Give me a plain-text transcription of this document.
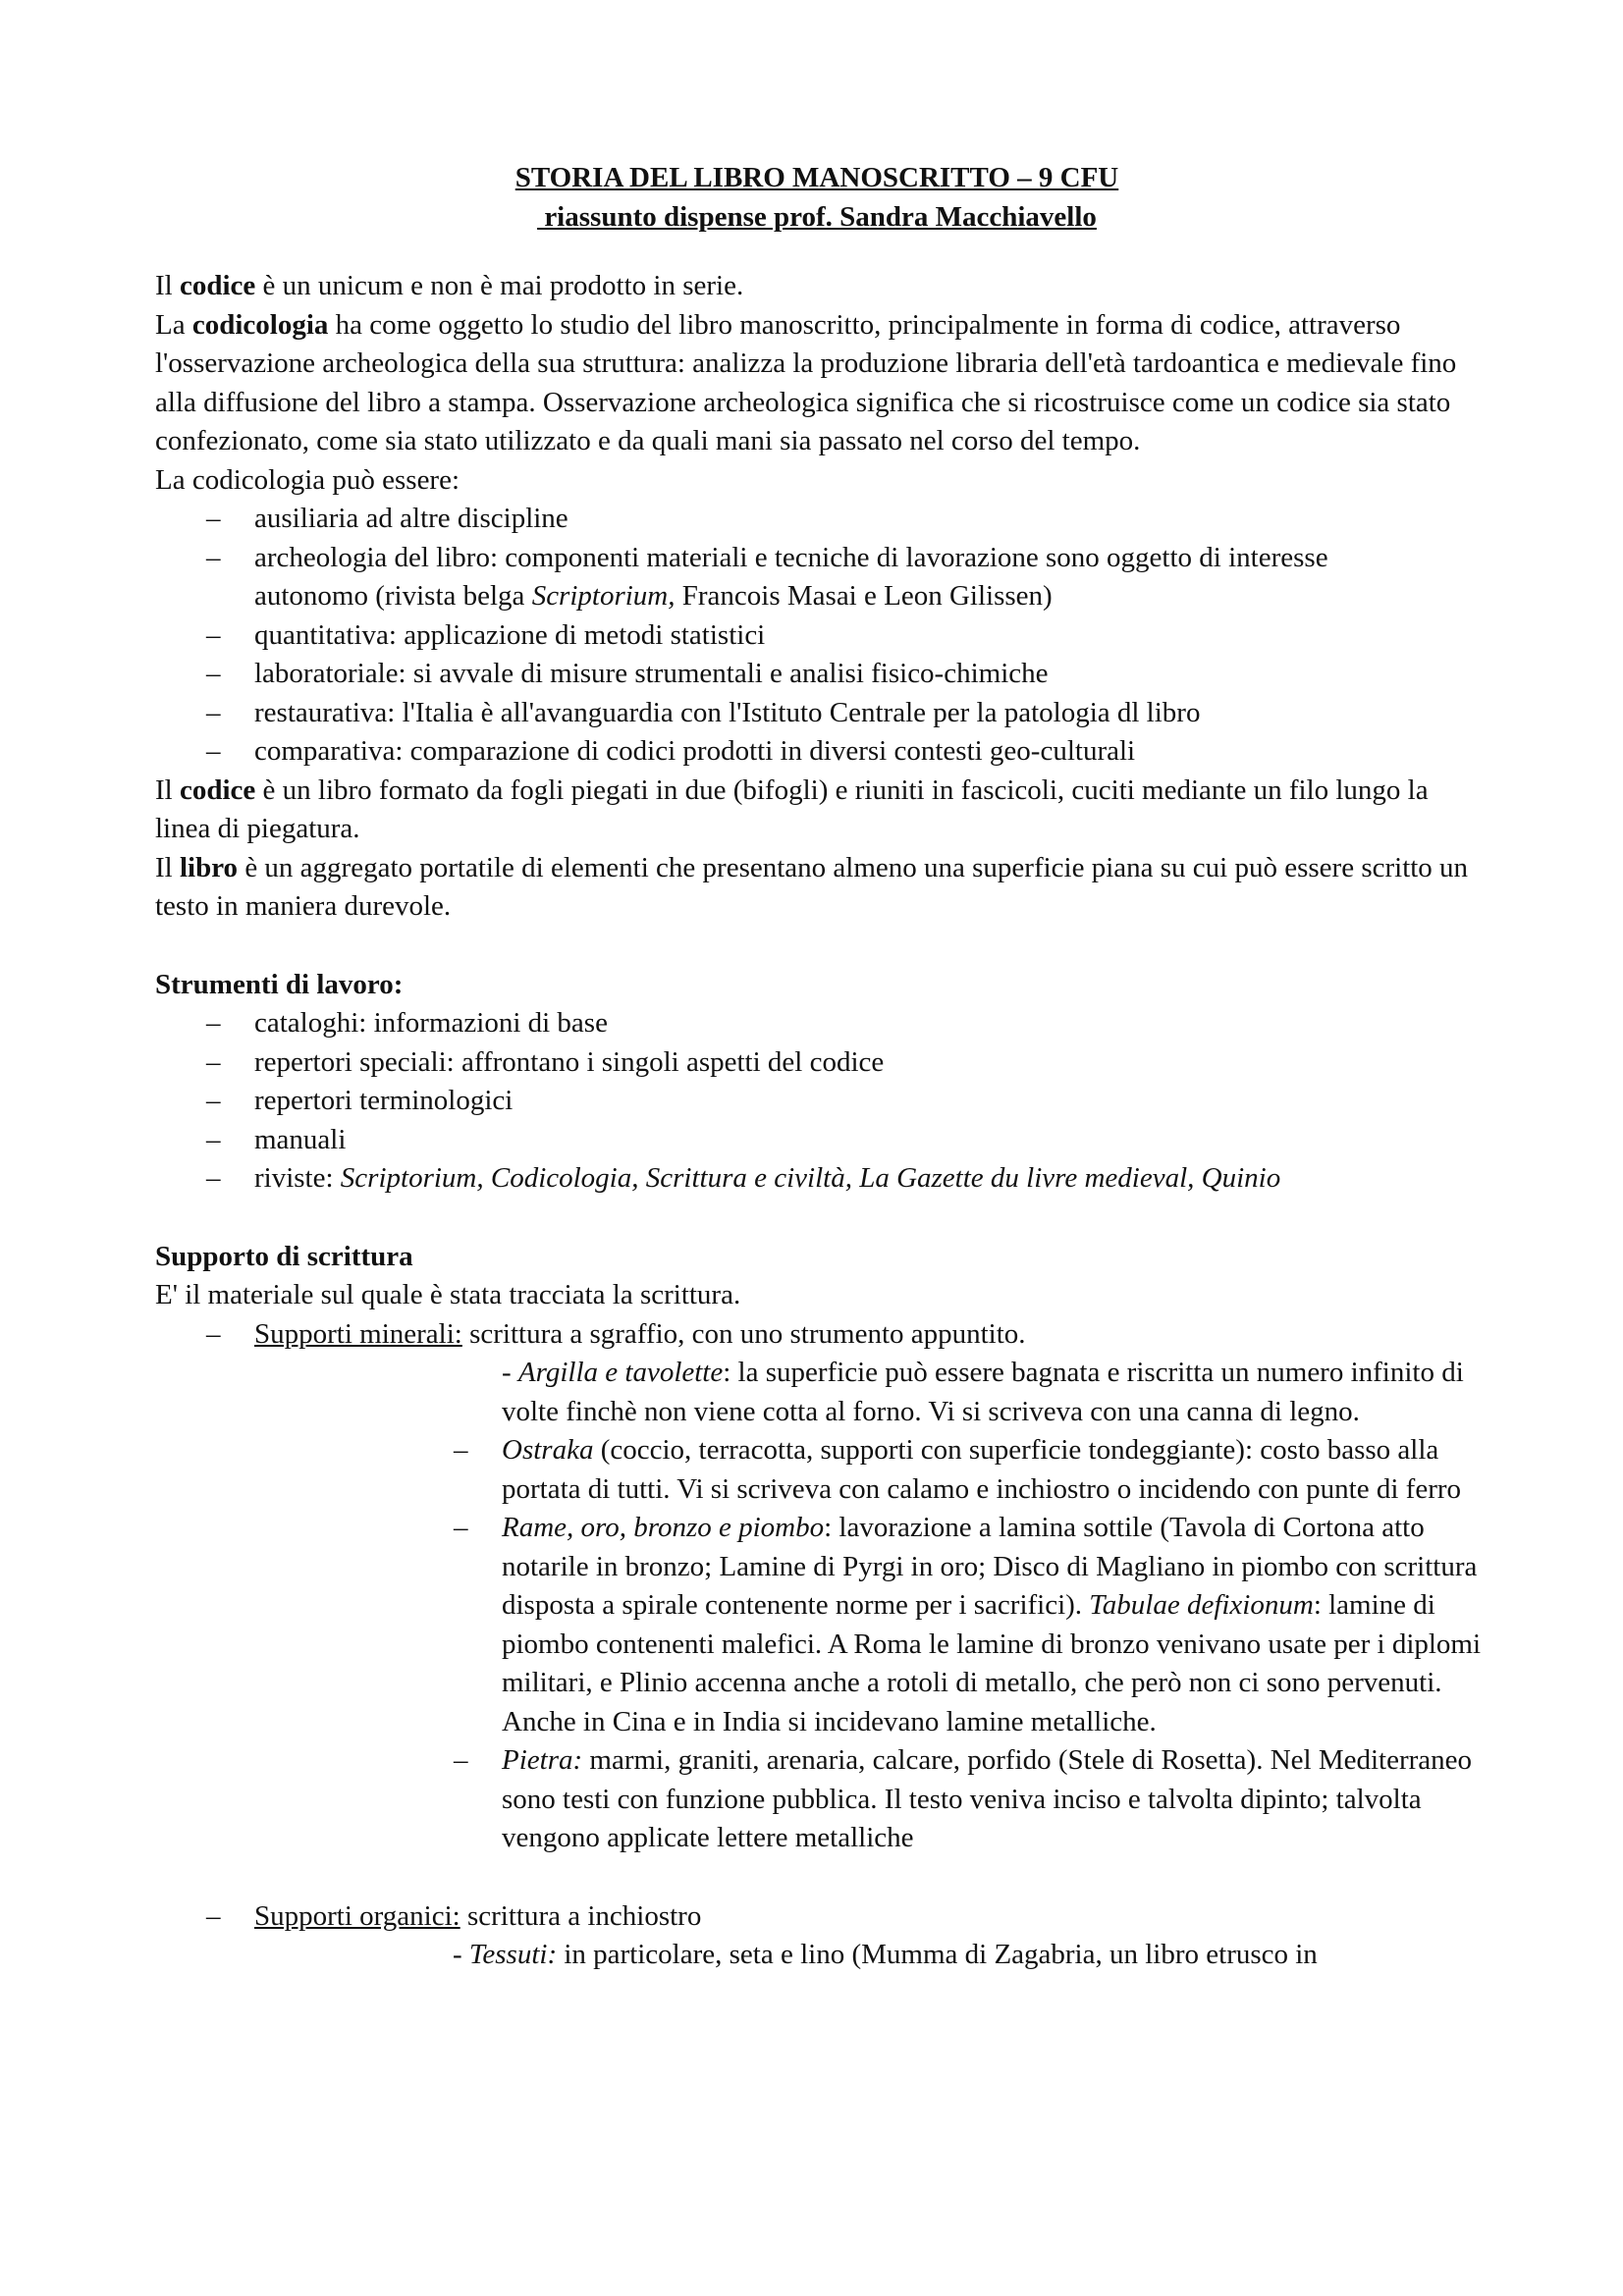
STORIA DEL LIBRO MANOSCRITTO – 9 CFU
riassunto dispense prof. Sandra Macchiavello

Il codice è un unicum e non è mai prodotto in serie.

La codicologia ha come oggetto lo studio del libro manoscritto, principalmente in forma di codice, attraverso l'osservazione archeologica della sua struttura: analizza la produzione libraria dell'età tardoantica e medievale fino alla diffusione del libro a stampa. Osservazione archeologica significa che si ricostruisce come un codice sia stato confezionato, come sia stato utilizzato e da quali mani sia passato nel corso del tempo.

La codicologia può essere:

– ausiliaria ad altre discipline
– archeologia del libro: componenti materiali e tecniche di lavorazione sono oggetto di interesse autonomo (rivista belga Scriptorium, Francois Masai e Leon Gilissen)
– quantitativa: applicazione di metodi statistici
– laboratoriale: si avvale di misure strumentali e analisi fisico-chimiche
– restaurativa: l'Italia è all'avanguardia con l'Istituto Centrale per la patologia dl libro
– comparativa: comparazione di codici prodotti in diversi contesti geo-culturali

Il codice è un libro formato da fogli piegati in due (bifogli) e riuniti in fascicoli, cuciti mediante un filo lungo la linea di piegatura.

Il libro è un aggregato portatile di elementi che presentano almeno una superficie piana su cui può essere scritto un testo in maniera durevole.

Strumenti di lavoro:

– cataloghi: informazioni di base
– repertori speciali: affrontano i singoli aspetti del codice
– repertori terminologici
– manuali
– riviste: Scriptorium, Codicologia, Scrittura e civiltà, La Gazette du livre medieval, Quinio

Supporto di scrittura

E' il materiale sul quale è stata tracciata la scrittura.

– Supporti minerali: scrittura a sgraffio, con uno strumento appuntito.

- Argilla e tavolette: la superficie può essere bagnata e riscritta un numero infinito di volte finchè non viene cotta al forno. Vi si scriveva con una canna di legno.

– Ostraka (coccio, terracotta, supporti con superficie tondeggiante): costo basso alla portata di tutti. Vi si scriveva con calamo e inchiostro o incidendo con punte di ferro
– Rame, oro, bronzo e piombo: lavorazione a lamina sottile (Tavola di Cortona atto notarile in bronzo; Lamine di Pyrgi in oro; Disco di Magliano in piombo con scrittura disposta a spirale contenente norme per i sacrifici). Tabulae defixionum: lamine di piombo contenenti malefici. A Roma le lamine di bronzo venivano usate per i diplomi militari, e Plinio accenna anche a rotoli di metallo, che però non ci sono pervenuti. Anche in Cina e in India si incidevano lamine metalliche.
– Pietra: marmi, graniti, arenaria, calcare, porfido (Stele di Rosetta). Nel Mediterraneo sono testi con funzione pubblica. Il testo veniva inciso e talvolta dipinto; talvolta vengono applicate lettere metalliche
– Supporti organici: scrittura a inchiostro

- Tessuti: in particolare, seta e lino (Mumma di Zagabria, un libro etrusco in
